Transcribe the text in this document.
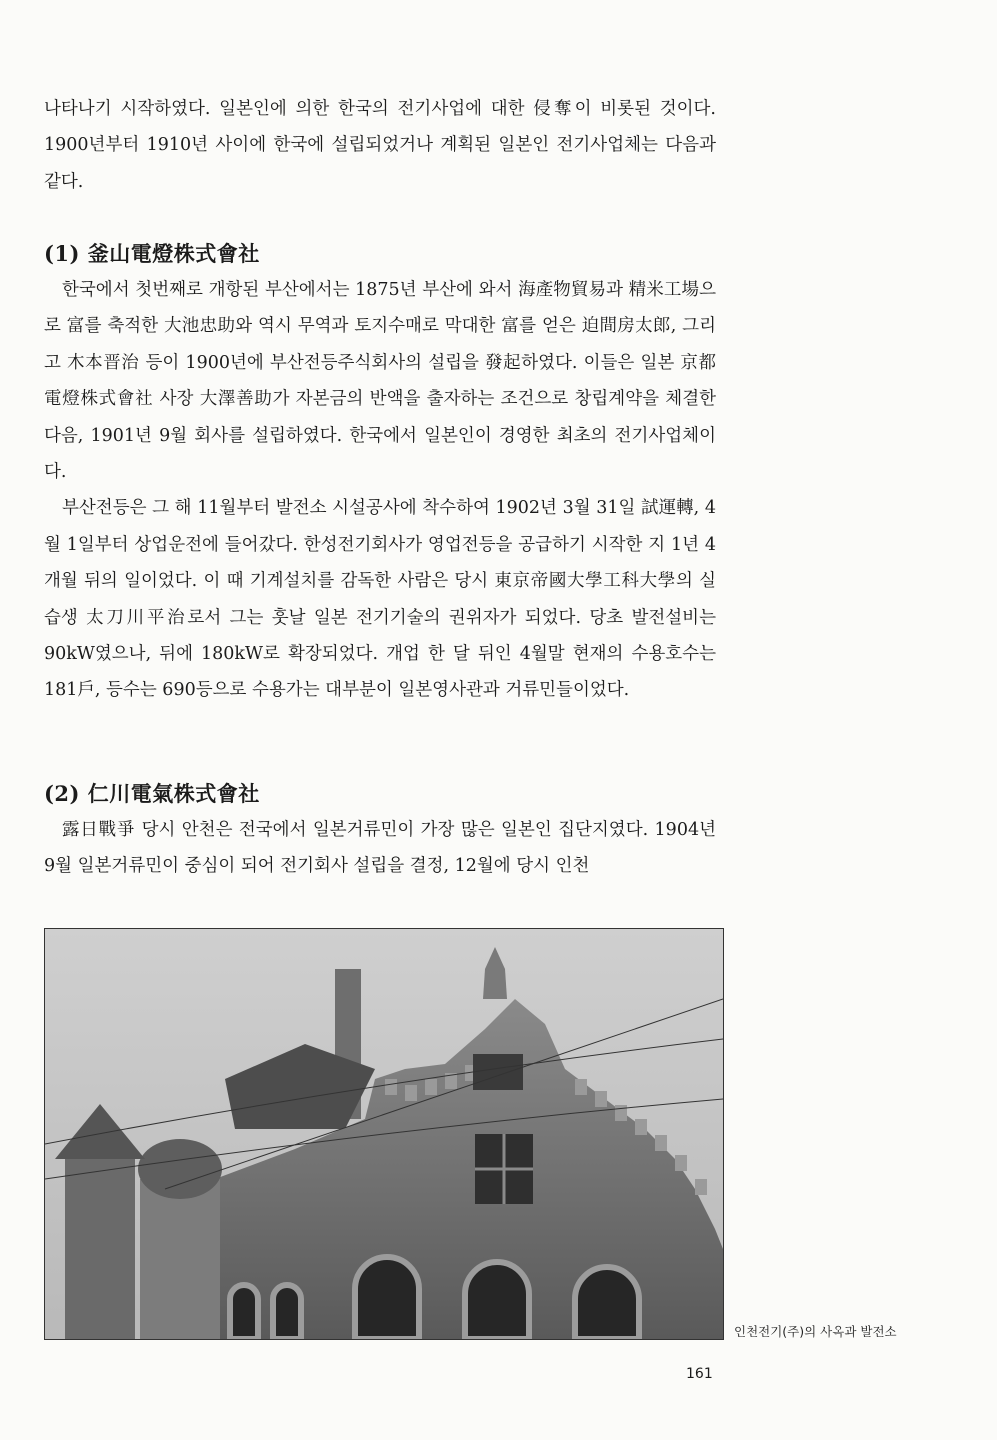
나타나기 시작하였다. 일본인에 의한 한국의 전기사업에 대한 侵奪이 비롯된 것이다. 1900년부터 1910년 사이에 한국에 설립되었거나 계획된 일본인 전기사업체는 다음과 같다.

(1) 釜山電燈株式會社

한국에서 첫번째로 개항된 부산에서는 1875년 부산에 와서 海產物貿易과 精米工場으로 富를 축적한 大池忠助와 역시 무역과 토지수매로 막대한 富를 얻은 迫間房太郎, 그리고 木本晋治 등이 1900년에 부산전등주식회사의 설립을 發起하였다. 이들은 일본 京都電燈株式會社 사장 大澤善助가 자본금의 반액을 출자하는 조건으로 창립계약을 체결한 다음, 1901년 9월 회사를 설립하였다. 한국에서 일본인이 경영한 최초의 전기사업체이다.

부산전등은 그 해 11월부터 발전소 시설공사에 착수하여 1902년 3월 31일 試運轉, 4월 1일부터 상업운전에 들어갔다. 한성전기회사가 영업전등을 공급하기 시작한 지 1년 4개월 뒤의 일이었다. 이 때 기계설치를 감독한 사람은 당시 東京帝國大學工科大學의 실습생 太刀川平治로서 그는 훗날 일본 전기기술의 권위자가 되었다. 당초 발전설비는 90kW였으나, 뒤에 180kW로 확장되었다. 개업 한 달 뒤인 4월말 현재의 수용호수는 181戶, 등수는 690등으로 수용가는 대부분이 일본영사관과 거류민들이었다.

(2) 仁川電氣株式會社

露日戰爭 당시 안천은 전국에서 일본거류민이 가장 많은 일본인 집단지였다. 1904년 9월 일본거류민이 중심이 되어 전기회사 설립을 결정, 12월에 당시 인천

인천전기(주)의 사옥과 발전소
161
